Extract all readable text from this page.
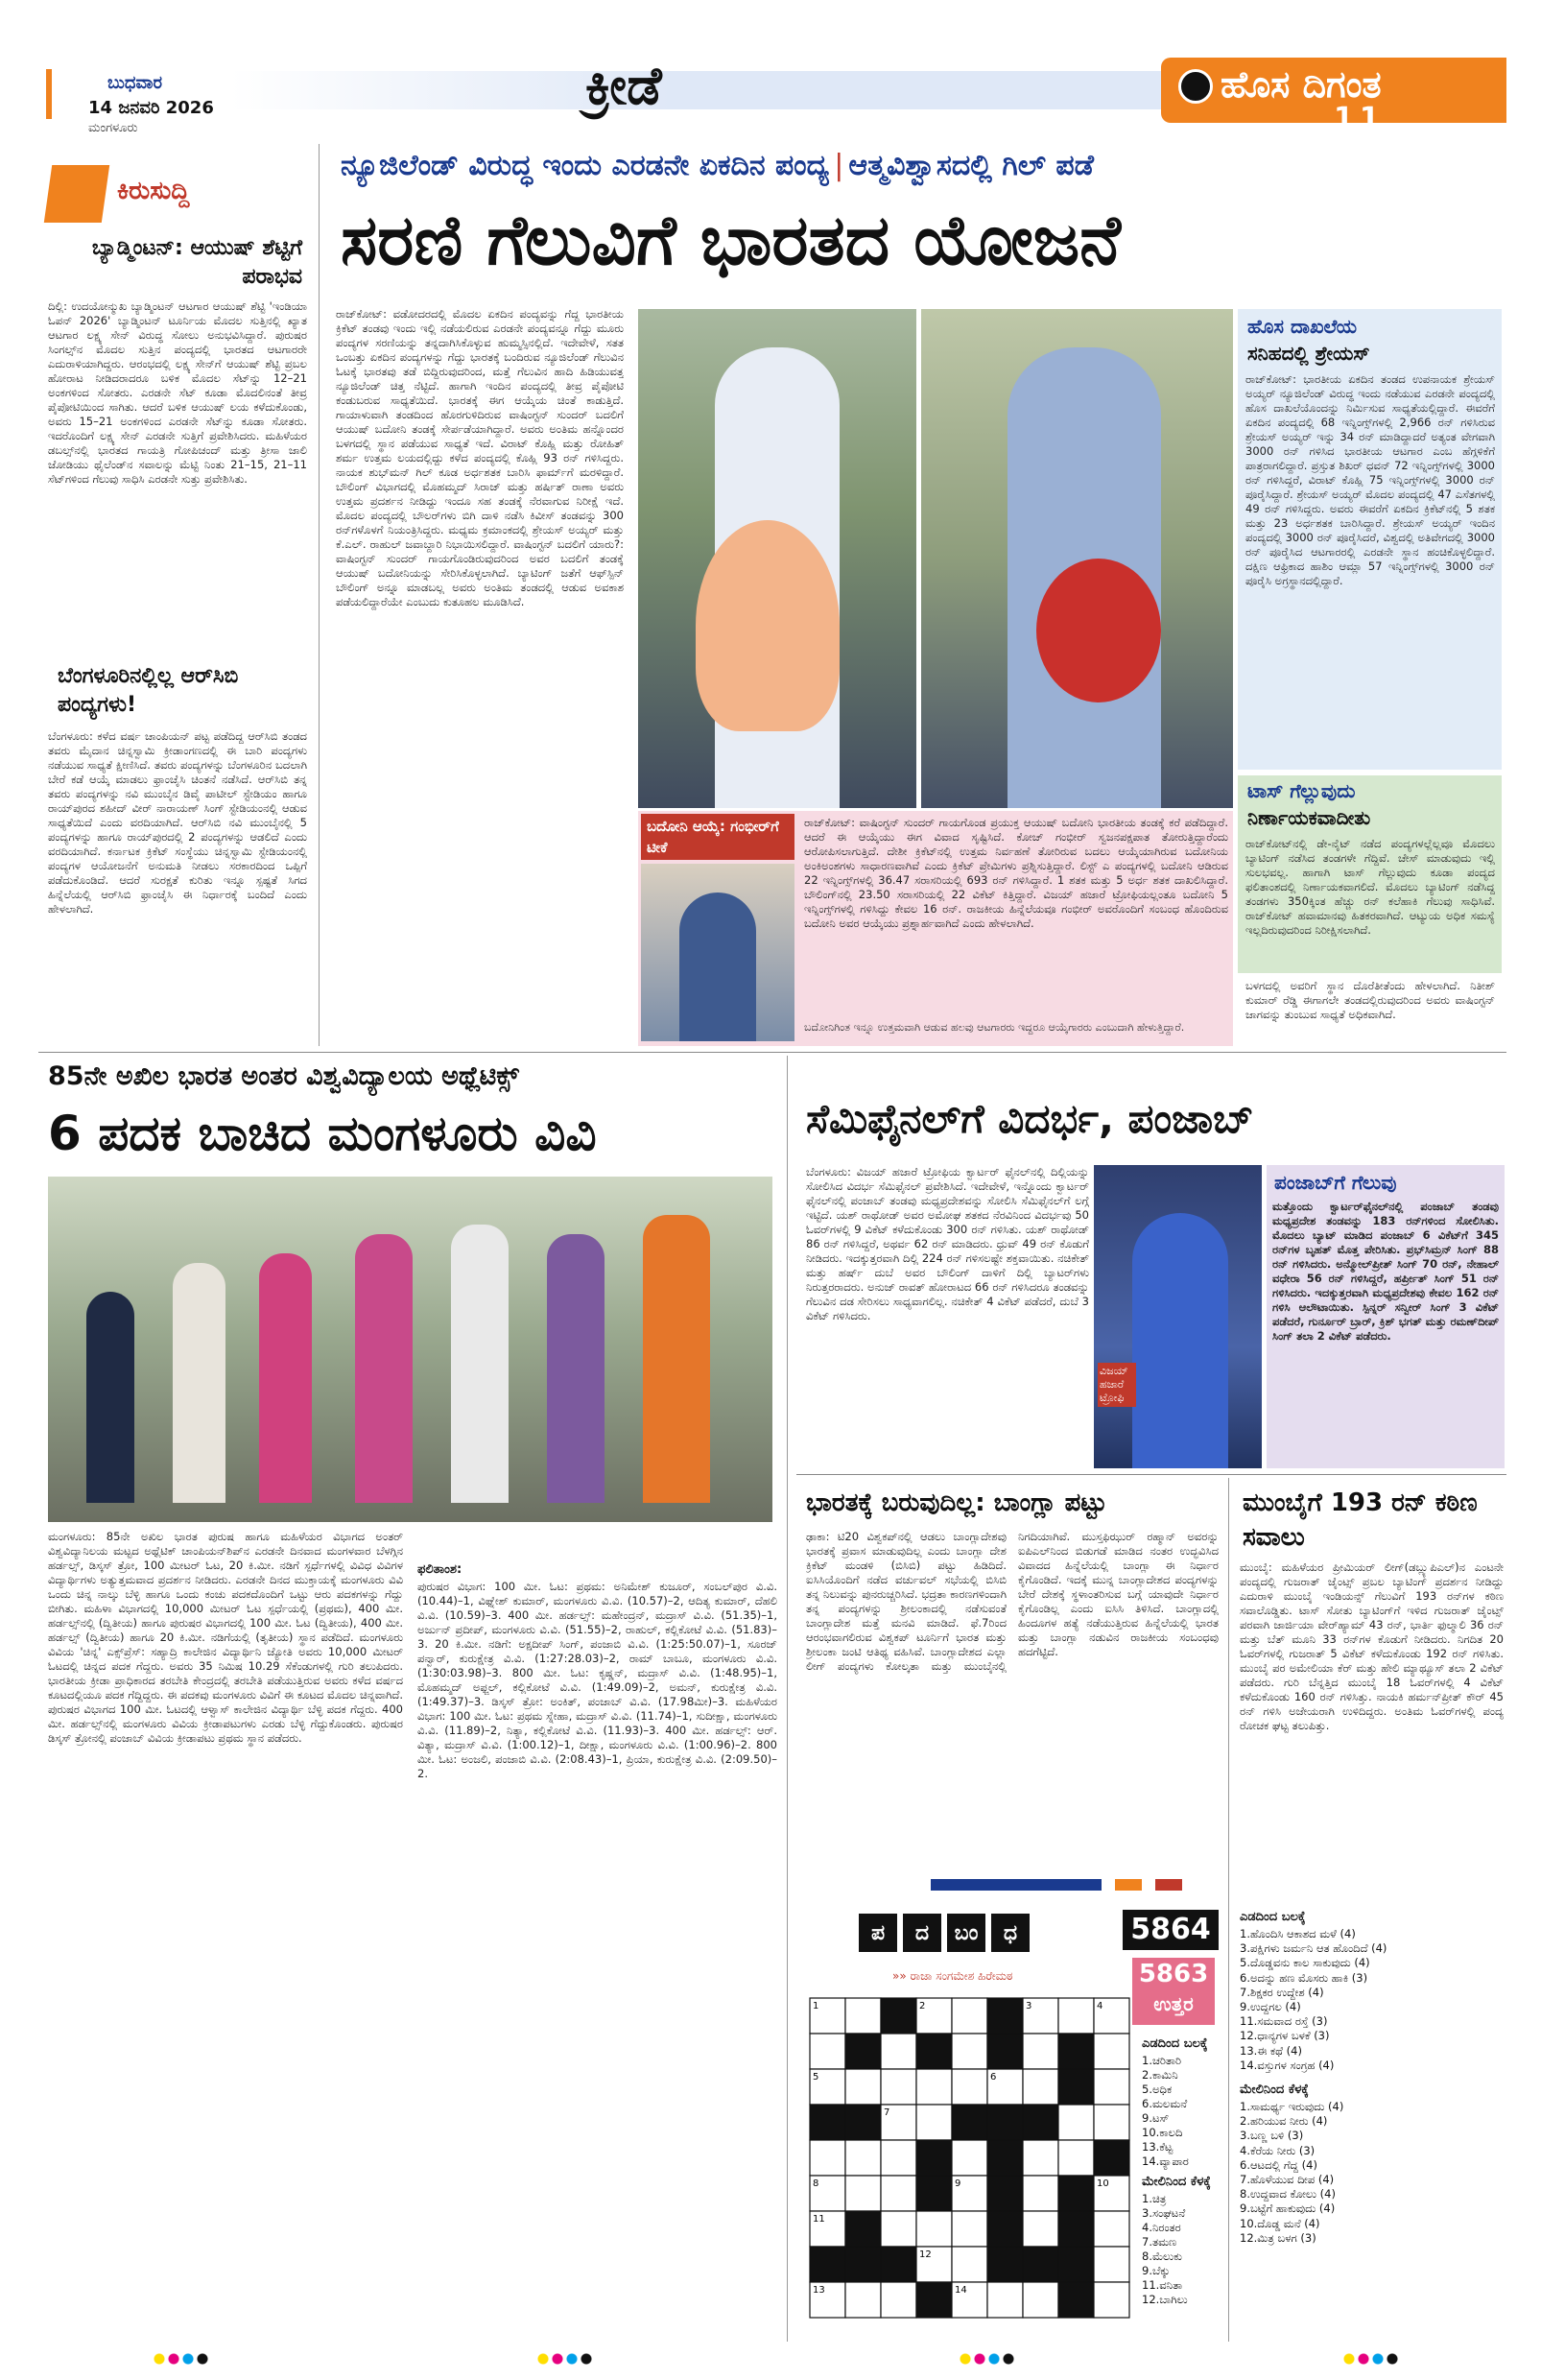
ಬುಧವಾರ
14 ಜನವರಿ 2026
ಮಂಗಳೂರು
ಕ್ರೀಡೆ	ಹೊಸ ದಿಗಂತ
11
ಕಿರುಸುದ್ದಿ
ಬ್ಯಾಡ್ಮಿಂಟನ್: ಆಯುಷ್ ಶೆಟ್ಟಿಗೆ ಪರಾಭವ
ದಿಲ್ಲಿ: ಉದಯೋನ್ಮುಖ ಬ್ಯಾಡ್ಮಿಂಟನ್ ಆಟಗಾರ ಆಯುಷ್ ಶೆಟ್ಟಿ 'ಇಂಡಿಯಾ ಓಪನ್ 2026' ಬ್ಯಾಡ್ಮಿಂಟನ್ ಟೂರ್ನಿಯ ಮೊದಲ ಸುತ್ತಿನಲ್ಲಿ ಖ್ಯಾತ ಆಟಗಾರ ಲಕ್ಷ್ಯ ಸೇನ್ ವಿರುದ್ಧ ಸೋಲು ಅನುಭವಿಸಿದ್ದಾರೆ. ಪುರುಷರ ಸಿಂಗಲ್ಸ್‌ನ ಮೊದಲ ಸುತ್ತಿನ ಪಂದ್ಯದಲ್ಲಿ ಭಾರತದ ಆಟಗಾರರೇ ಎದುರಾಳಿಯಾಗಿದ್ದರು. ಆರಂಭದಲ್ಲಿ ಲಕ್ಷ್ಯ ಸೇನ್‌ಗೆ ಆಯುಷ್ ಶೆಟ್ಟಿ ಪ್ರಬಲ ಹೋರಾಟ ನೀಡಿದರಾದರೂ ಬಳಿಕ ಮೊದಲ ಸೆಟ್‌ನ್ನು 12–21 ಅಂಕಗಳಿಂದ ಸೋತರು. ಎರಡನೇ ಸೆಟ್ ಕೂಡಾ ಮೊದಲಿನಂತೆ ತೀವ್ರ ಪೈಪೋಟಿಯಿಂದ ಸಾಗಿತು. ಆದರೆ ಬಳಿಕ ಆಯುಷ್ ಲಯ ಕಳೆದುಕೊಂಡು, ಅವರು 15–21 ಅಂಕಗಳಿಂದ ಎರಡನೇ ಸೆಟ್‌ನ್ನು ಕೂಡಾ ಸೋತರು. ಇದರೊಂದಿಗೆ ಲಕ್ಷ್ಯ ಸೇನ್ ಎರಡನೇ ಸುತ್ತಿಗೆ ಪ್ರವೇಶಿಸಿದರು. ಮಹಿಳೆಯರ ಡಬಲ್ಸ್‌ನಲ್ಲಿ ಭಾರತದ ಗಾಯತ್ರಿ ಗೋಪಿಚಂದ್ ಮತ್ತು ತ್ರೀಸಾ ಜಾಲಿ ಜೋಡಿಯು ಥೈಲೆಂಡ್‌ನ ಸವಾಲನ್ನು ಮೆಟ್ಟಿ ನಿಂತು 21–15, 21–11 ಸೆಟ್‌ಗಳಿಂದ ಗೆಲುವು ಸಾಧಿಸಿ ಎರಡನೇ ಸುತ್ತು ಪ್ರವೇಶಿಸಿತು.
ಬೆಂಗಳೂರಿನಲ್ಲಿಲ್ಲ ಆರ್‌ಸಿಬಿ ಪಂದ್ಯಗಳು!
ಬೆಂಗಳೂರು: ಕಳೆದ ವರ್ಷ ಚಾಂಪಿಯನ್ ಪಟ್ಟ ಪಡೆದಿದ್ದ ಆರ್‌ಸಿಬಿ ತಂಡದ ತವರು ಮೈದಾನ ಚಿನ್ನಸ್ವಾಮಿ ಕ್ರೀಡಾಂಗಣದಲ್ಲಿ ಈ ಬಾರಿ ಪಂದ್ಯಗಳು ನಡೆಯುವ ಸಾಧ್ಯತೆ ಕ್ಷೀಣಿಸಿದೆ. ತವರು ಪಂದ್ಯಗಳನ್ನು ಬೆಂಗಳೂರಿನ ಬದಲಾಗಿ ಬೇರೆ ಕಡೆ ಆಯ್ಕೆ ಮಾಡಲು ಫ್ರಾಂಚೈಸಿ ಚಿಂತನೆ ನಡೆಸಿದೆ. ಆರ್‌ಸಿಬಿ ತನ್ನ ತವರು ಪಂದ್ಯಗಳನ್ನು ನವಿ ಮುಂಬೈನ ಡಿವೈ ಪಾಟೀಲ್ ಸ್ಟೇಡಿಯಂ ಹಾಗೂ ರಾಯ್‌ಪುರದ ಶಹೀದ್ ವೀರ್ ನಾರಾಯಣ್ ಸಿಂಗ್ ಸ್ಟೇಡಿಯಂನಲ್ಲಿ ಆಡುವ ಸಾಧ್ಯತೆಯಿದೆ ಎಂದು ವರದಿಯಾಗಿದೆ. ಆರ್‌ಸಿಬಿ ನವಿ ಮುಂಬೈನಲ್ಲಿ 5 ಪಂದ್ಯಗಳನ್ನು ಹಾಗೂ ರಾಯ್‌ಪುರದಲ್ಲಿ 2 ಪಂದ್ಯಗಳನ್ನು ಆಡಲಿದೆ ಎಂದು ವರದಿಯಾಗಿದೆ. ಕರ್ನಾಟಕ ಕ್ರಿಕೆಟ್ ಸಂಸ್ಥೆಯು ಚಿನ್ನಸ್ವಾಮಿ ಸ್ಟೇಡಿಯಂನಲ್ಲಿ ಪಂದ್ಯಗಳ ಆಯೋಜನೆಗೆ ಅನುಮತಿ ನೀಡಲು ಸರಕಾರದಿಂದ ಒಪ್ಪಿಗೆ ಪಡೆದುಕೊಂಡಿದೆ. ಆದರೆ ಸುರಕ್ಷತೆ ಕುರಿತು ಇನ್ನೂ ಸ್ಪಷ್ಟತೆ ಸಿಗದ ಹಿನ್ನೆಲೆಯಲ್ಲಿ ಆರ್‌ಸಿಬಿ ಫ್ರಾಂಚೈಸಿ ಈ ನಿರ್ಧಾರಕ್ಕೆ ಬಂದಿದೆ ಎಂದು ಹೇಳಲಾಗಿದೆ.
ನ್ಯೂಜಿಲೆಂಡ್ ವಿರುದ್ಧ ಇಂದು ಎರಡನೇ ಏಕದಿನ ಪಂದ್ಯ | ಆತ್ಮವಿಶ್ವಾಸದಲ್ಲಿ ಗಿಲ್ ಪಡೆ
ಸರಣಿ ಗೆಲುವಿಗೆ ಭಾರತದ ಯೋಜನೆ
ರಾಜ್‌ಕೋಟ್: ವಡೋದರದಲ್ಲಿ ಮೊದಲ ಏಕದಿನ ಪಂದ್ಯವನ್ನು ಗೆದ್ದ ಭಾರತೀಯ ಕ್ರಿಕೆಟ್ ತಂಡವು ಇಂದು ಇಲ್ಲಿ ನಡೆಯಲಿರುವ ಎರಡನೇ ಪಂದ್ಯವನ್ನೂ ಗೆದ್ದು ಮೂರು ಪಂದ್ಯಗಳ ಸರಣಿಯನ್ನು ತನ್ನದಾಗಿಸಿಕೊಳ್ಳುವ ಹುಮ್ಮಸ್ಸಿನಲ್ಲಿದೆ. ಇದೇವೇಳೆ, ಸತತ ಒಂಬತ್ತು ಏಕದಿನ ಪಂದ್ಯಗಳನ್ನು ಗೆದ್ದು ಭಾರತಕ್ಕೆ ಬಂದಿರುವ ನ್ಯೂಜಿಲೆಂಡ್ ಗೆಲುವಿನ ಓಟಕ್ಕೆ ಭಾರತವು ತಡೆ ಬಿದ್ದಿರುವುದರಿಂದ, ಮತ್ತೆ ಗೆಲುವಿನ ಹಾದಿ ಹಿಡಿಯುವತ್ತ ನ್ಯೂಜಿಲೆಂಡ್ ಚಿತ್ತ ನೆಟ್ಟಿದೆ. ಹಾಗಾಗಿ ಇಂದಿನ ಪಂದ್ಯದಲ್ಲಿ ತೀವ್ರ ಪೈಪೋಟಿ ಕಂಡುಬರುವ ಸಾಧ್ಯತೆಯಿದೆ. ಭಾರತಕ್ಕೆ ಈಗ ಆಯ್ಕೆಯ ಚಿಂತೆ ಕಾಡುತ್ತಿದೆ. ಗಾಯಾಳುವಾಗಿ ತಂಡದಿಂದ ಹೊರಗುಳಿದಿರುವ ವಾಷಿಂಗ್ಟನ್ ಸುಂದರ್ ಬದಲಿಗೆ ಆಯುಷ್ ಬದೋನಿ ತಂಡಕ್ಕೆ ಸೇರ್ಪಡೆಯಾಗಿದ್ದಾರೆ. ಅವರು ಅಂತಿಮ ಹನ್ನೊಂದರ ಬಳಗದಲ್ಲಿ ಸ್ಥಾನ ಪಡೆಯುವ ಸಾಧ್ಯತೆ ಇದೆ. ವಿರಾಟ್ ಕೊಹ್ಲಿ ಮತ್ತು ರೋಹಿತ್ ಶರ್ಮ ಉತ್ತಮ ಲಯದಲ್ಲಿದ್ದು ಕಳೆದ ಪಂದ್ಯದಲ್ಲಿ ಕೊಹ್ಲಿ 93 ರನ್ ಗಳಿಸಿದ್ದರು. ನಾಯಕ ಶುಭ್‌ಮನ್ ಗಿಲ್ ಕೂಡ ಅರ್ಧಶತಕ ಬಾರಿಸಿ ಫಾರ್ಮ್‌ಗೆ ಮರಳಿದ್ದಾರೆ. ಬೌಲಿಂಗ್ ವಿಭಾಗದಲ್ಲಿ ಮೊಹಮ್ಮದ್ ಸಿರಾಜ್ ಮತ್ತು ಹರ್ಷಿತ್ ರಾಣಾ ಅವರು ಉತ್ತಮ ಪ್ರದರ್ಶನ ನೀಡಿದ್ದು ಇಂದೂ ಸಹ ತಂಡಕ್ಕೆ ನೆರವಾಗುವ ನಿರೀಕ್ಷೆ ಇದೆ. ಮೊದಲ ಪಂದ್ಯದಲ್ಲಿ ಬೌಲರ್‌ಗಳು ಬಿಗಿ ದಾಳಿ ನಡೆಸಿ ಕಿವೀಸ್ ತಂಡವನ್ನು 300 ರನ್‌ಗಳೊಳಗೆ ನಿಯಂತ್ರಿಸಿದ್ದರು. ಮಧ್ಯಮ ಕ್ರಮಾಂಕದಲ್ಲಿ ಶ್ರೇಯಸ್ ಅಯ್ಯರ್ ಮತ್ತು ಕೆ.ಎಲ್. ರಾಹುಲ್ ಜವಾಬ್ದಾರಿ ನಿಭಾಯಿಸಲಿದ್ದಾರೆ. ವಾಷಿಂಗ್ಟನ್ ಬದಲಿಗೆ ಯಾರು?: ವಾಷಿಂಗ್ಟನ್ ಸುಂದರ್ ಗಾಯಗೊಂಡಿರುವುದರಿಂದ ಅವರ ಬದಲಿಗೆ ತಂಡಕ್ಕೆ ಆಯುಷ್ ಬದೋನಿಯನ್ನು ಸೇರಿಸಿಕೊಳ್ಳಲಾಗಿದೆ. ಬ್ಯಾಟಿಂಗ್ ಜತೆಗೆ ಆಫ್‌ಸ್ಪಿನ್ ಬೌಲಿಂಗ್ ಅನ್ನೂ ಮಾಡಬಲ್ಲ ಅವರು ಅಂತಿಮ ತಂಡದಲ್ಲಿ ಆಡುವ ಅವಕಾಶ ಪಡೆಯಲಿದ್ದಾರೆಯೇ ಎಂಬುದು ಕುತೂಹಲ ಮೂಡಿಸಿದೆ.
ಬದೋನಿ ಆಯ್ಕೆ: ಗಂಭೀರ್‌ಗೆ ಟೀಕೆ
ರಾಜ್‌ಕೋಟ್: ವಾಷಿಂಗ್ಟನ್ ಸುಂದರ್ ಗಾಯಗೊಂಡ ಪ್ರಯುಕ್ತ ಆಯುಷ್ ಬದೋನಿ ಭಾರತೀಯ ತಂಡಕ್ಕೆ ಕರೆ ಪಡೆದಿದ್ದಾರೆ. ಆದರೆ ಈ ಆಯ್ಕೆಯು ಈಗ ವಿವಾದ ಸೃಷ್ಟಿಸಿದೆ. ಕೋಚ್ ಗಂಭೀರ್ ಸ್ವಜನಪಕ್ಷಪಾತ ತೋರುತ್ತಿದ್ದಾರೆಂದು ಆರೋಪಿಸಲಾಗುತ್ತಿದೆ. ದೇಶೀ ಕ್ರಿಕೆಟ್‌ನಲ್ಲಿ ಉತ್ತಮ ನಿರ್ವಹಣೆ ತೋರಿರುವ ಬದಲು ಆಯ್ಕೆಯಾಗಿರುವ ಬದೋನಿಯ ಅಂಕಿಅಂಶಗಳು ಸಾಧಾರಣವಾಗಿವೆ ಎಂದು ಕ್ರಿಕೆಟ್ ಪ್ರೇಮಿಗಳು ಪ್ರಶ್ನಿಸುತ್ತಿದ್ದಾರೆ. ಲಿಸ್ಟ್ ಎ ಪಂದ್ಯಗಳಲ್ಲಿ ಬದೋನಿ ಆಡಿರುವ 22 ಇನ್ನಿಂಗ್ಸ್‌ಗಳಲ್ಲಿ 36.47 ಸರಾಸರಿಯಲ್ಲಿ 693 ರನ್ ಗಳಿಸಿದ್ದಾರೆ. 1 ಶತಕ ಮತ್ತು 5 ಅರ್ಧ ಶತಕ ದಾಖಲಿಸಿದ್ದಾರೆ. ಬೌಲಿಂಗ್‌ನಲ್ಲಿ 23.50 ಸರಾಸರಿಯಲ್ಲಿ 22 ವಿಕೆಟ್ ಕಿತ್ತಿದ್ದಾರೆ. ವಿಜಯ್ ಹಜಾರೆ ಟ್ರೋಫಿಯಲ್ಲಂತೂ ಬದೋನಿ 5 ಇನ್ನಿಂಗ್ಸ್‌ಗಳಲ್ಲಿ ಗಳಿಸಿದ್ದು ಕೇವಲ 16 ರನ್. ರಾಜಕೀಯ ಹಿನ್ನೆಲೆಯವೂ ಗಂಭೀರ್ ಅವರೊಂದಿಗೆ ಸಂಬಂಧ ಹೊಂದಿರುವ ಬದೋನಿ ಅವರ ಆಯ್ಕೆಯು ಪ್ರಶ್ನಾರ್ಹವಾಗಿದೆ ಎಂದು ಹೇಳಲಾಗಿದೆ.
ಬದೋನಿಗಿಂತ ಇನ್ನೂ ಉತ್ತಮವಾಗಿ ಆಡುವ ಹಲವು ಆಟಗಾರರು ಇದ್ದರೂ ಆಯ್ಕೆಗಾರರು ಎಂಬುದಾಗಿ ಹೇಳುತ್ತಿದ್ದಾರೆ.
ಹೊಸ ದಾಖಲೆಯ
ಸನಿಹದಲ್ಲಿ ಶ್ರೇಯಸ್
ರಾಜ್‌ಕೋಟ್: ಭಾರತೀಯ ಏಕದಿನ ತಂಡದ ಉಪನಾಯಕ ಶ್ರೇಯಸ್ ಅಯ್ಯರ್ ನ್ಯೂಜಿಲೆಂಡ್ ವಿರುದ್ಧ ಇಂದು ನಡೆಯುವ ಎರಡನೇ ಪಂದ್ಯದಲ್ಲಿ ಹೊಸ ದಾಖಲೆಯೊಂದನ್ನು ನಿರ್ಮಿಸುವ ಸಾಧ್ಯತೆಯಲ್ಲಿದ್ದಾರೆ. ಈವರೆಗೆ ಏಕದಿನ ಪಂದ್ಯದಲ್ಲಿ 68 ಇನ್ನಿಂಗ್ಸ್‌ಗಳಲ್ಲಿ 2,966 ರನ್ ಗಳಿಸಿರುವ ಶ್ರೇಯಸ್ ಅಯ್ಯರ್ ಇನ್ನು 34 ರನ್ ಮಾಡಿದ್ದಾದರೆ ಅತ್ಯಂತ ವೇಗವಾಗಿ 3000 ರನ್ ಗಳಿಸಿದ ಭಾರತೀಯ ಆಟಗಾರ ಎಂಬ ಹೆಗ್ಗಳಿಕೆಗೆ ಪಾತ್ರರಾಗಲಿದ್ದಾರೆ. ಪ್ರಸ್ತುತ ಶಿಖರ್ ಧವನ್ 72 ಇನ್ನಿಂಗ್ಸ್‌ಗಳಲ್ಲಿ 3000 ರನ್ ಗಳಿಸಿದ್ದರೆ, ವಿರಾಟ್ ಕೊಹ್ಲಿ 75 ಇನ್ನಿಂಗ್ಸ್‌ಗಳಲ್ಲಿ 3000 ರನ್ ಪೂರೈಸಿದ್ದಾರೆ. ಶ್ರೇಯಸ್ ಅಯ್ಯರ್ ಮೊದಲ ಪಂದ್ಯದಲ್ಲಿ 47 ಎಸೆತಗಳಲ್ಲಿ 49 ರನ್ ಗಳಿಸಿದ್ದರು. ಅವರು ಈವರೆಗೆ ಏಕದಿನ ಕ್ರಿಕೆಟ್‌ನಲ್ಲಿ 5 ಶತಕ ಮತ್ತು 23 ಅರ್ಧಶತಕ ಬಾರಿಸಿದ್ದಾರೆ. ಶ್ರೇಯಸ್ ಅಯ್ಯರ್ ಇಂದಿನ ಪಂದ್ಯದಲ್ಲಿ 3000 ರನ್ ಪೂರೈಸಿದರೆ, ವಿಶ್ವದಲ್ಲಿ ಅತಿವೇಗದಲ್ಲಿ 3000 ರನ್ ಪೂರೈಸಿದ ಆಟಗಾರರಲ್ಲಿ ಎರಡನೇ ಸ್ಥಾನ ಹಂಚಿಕೊಳ್ಳಲಿದ್ದಾರೆ. ದಕ್ಷಿಣ ಆಫ್ರಿಕಾದ ಹಾಶಿಂ ಆಮ್ಲಾ 57 ಇನ್ನಿಂಗ್ಸ್‌ಗಳಲ್ಲಿ 3000 ರನ್ ಪೂರೈಸಿ ಅಗ್ರಸ್ಥಾನದಲ್ಲಿದ್ದಾರೆ.
ಟಾಸ್ ಗೆಲ್ಲುವುದು
ನಿರ್ಣಾಯಕವಾದೀತು
ರಾಜ್‌ಕೋಟ್‌ನಲ್ಲಿ ಡೇ-ನೈಟ್ ನಡೆದ ಪಂದ್ಯಗಳಲ್ಲೆಲ್ಲವೂ ಮೊದಲು ಬ್ಯಾಟಿಂಗ್ ನಡೆಸಿದ ತಂಡಗಳೇ ಗೆದ್ದಿವೆ. ಚೇಸ್ ಮಾಡುವುದು ಇಲ್ಲಿ ಸುಲಭವಲ್ಲ. ಹಾಗಾಗಿ ಟಾಸ್ ಗೆಲ್ಲುವುದು ಕೂಡಾ ಪಂದ್ಯದ ಫಲಿತಾಂಶದಲ್ಲಿ ನಿರ್ಣಾಯಕವಾಗಲಿದೆ. ಮೊದಲು ಬ್ಯಾಟಿಂಗ್ ನಡೆಸಿದ್ದ ತಂಡಗಳು 350ಕ್ಕಿಂತ ಹೆಚ್ಚು ರನ್ ಕಲೆಹಾಕಿ ಗೆಲುವು ಸಾಧಿಸಿವೆ. ರಾಜ್‌ಕೋಟ್ ಹವಾಮಾನವು ಹಿತಕರವಾಗಿದೆ. ಆಟ್ಯುಯ ಅಧಿಕ ಸಮಸ್ಯೆ ಇಲ್ಲದಿರುವುದರಿಂದ ನಿರೀಕ್ಷಿಸಲಾಗಿದೆ.
ಬಳಗದಲ್ಲಿ ಅವರಿಗೆ ಸ್ಥಾನ ದೊರೆತೀತೆಂದು ಹೇಳಲಾಗಿದೆ. ನಿತೀಶ್ ಕುಮಾರ್ ರೆಡ್ಡಿ ಈಗಾಗಲೇ ತಂಡದಲ್ಲಿರುವುದರಿಂದ ಅವರು ವಾಷಿಂಗ್ಟನ್ ಜಾಗವನ್ನು ತುಂಬುವ ಸಾಧ್ಯತೆ ಅಧಿಕವಾಗಿದೆ.
85ನೇ ಅಖಿಲ ಭಾರತ ಅಂತರ ವಿಶ್ವವಿದ್ಯಾಲಯ ಅಥ್ಲೆಟಿಕ್ಸ್
6 ಪದಕ ಬಾಚಿದ ಮಂಗಳೂರು ವಿವಿ
ಮಂಗಳೂರು: 85ನೇ ಅಖಿಲ ಭಾರತ ಪುರುಷ ಹಾಗೂ ಮಹಿಳೆಯರ ವಿಭಾಗದ ಅಂತರ್ ವಿಶ್ವವಿದ್ಯಾನಿಲಯ ಮಟ್ಟದ ಅಥ್ಲೆಟಿಕ್ ಚಾಂಪಿಯನ್‌ಶಿಪ್‌ನ ಎರಡನೇ ದಿನವಾದ ಮಂಗಳವಾರ ಬೆಳಗ್ಗಿನ ಹರ್ಡಲ್ಸ್, ಡಿಸ್ಕಸ್ ತ್ರೋ, 100 ಮೀಟರ್ ಓಟ, 20 ಕಿ.ಮೀ. ನಡಿಗೆ ಸ್ಪರ್ಧೆಗಳಲ್ಲಿ ವಿವಿಧ ವಿವಿಗಳ ವಿದ್ಯಾರ್ಥಿಗಳು ಅತ್ಯುತ್ತಮವಾದ ಪ್ರದರ್ಶನ ನೀಡಿದರು. ಎರಡನೇ ದಿನದ ಮುಕ್ತಾಯಕ್ಕೆ ಮಂಗಳೂರು ವಿವಿ ಒಂದು ಚಿನ್ನ ನಾಲ್ಕು ಬೆಳ್ಳಿ ಹಾಗೂ ಒಂದು ಕಂಚು ಪದಕದೊಂದಿಗೆ ಒಟ್ಟು ಆರು ಪದಕಗಳನ್ನು ಗೆದ್ದು ಬೀಗಿತು. ಮಹಿಳಾ ವಿಭಾಗದಲ್ಲಿ 10,000 ಮೀಟರ್ ಓಟ ಸ್ಪರ್ಧೆಯಲ್ಲಿ (ಪ್ರಥಮ), 400 ಮೀ. ಹರ್ಡಲ್ಸ್‌ನಲ್ಲಿ (ದ್ವಿತೀಯ) ಹಾಗೂ ಪುರುಷರ ವಿಭಾಗದಲ್ಲಿ 100 ಮೀ. ಓಟ (ದ್ವಿತೀಯ), 400 ಮೀ. ಹರ್ಡಲ್ಸ್ (ದ್ವಿತೀಯ) ಹಾಗೂ 20 ಕಿ.ಮೀ. ನಡಿಗೆಯಲ್ಲಿ (ತೃತೀಯ) ಸ್ಥಾನ ಪಡೆದಿದೆ. ಮಂಗಳೂರು ವಿವಿಯ 'ಚಿನ್ನ' ಎಕ್ಸ್‌ಪ್ರೆಸ್: ಸಹ್ಯಾದ್ರಿ ಕಾಲೇಜಿನ ವಿದ್ಯಾರ್ಥಿನಿ ಜ್ಯೋತಿ ಅವರು 10,000 ಮೀಟರ್ ಓಟದಲ್ಲಿ ಚಿನ್ನದ ಪದಕ ಗೆದ್ದರು. ಅವರು 35 ನಿಮಿಷ 10.29 ಸೆಕೆಂಡುಗಳಲ್ಲಿ ಗುರಿ ತಲುಪಿದರು. ಭಾರತೀಯ ಕ್ರೀಡಾ ಪ್ರಾಧಿಕಾರದ ತರಬೇತಿ ಕೇಂದ್ರದಲ್ಲಿ ತರಬೇತಿ ಪಡೆಯುತ್ತಿರುವ ಅವರು ಕಳೆದ ವರ್ಷದ ಕೂಟದಲ್ಲಿಯೂ ಪದಕ ಗೆದ್ದಿದ್ದರು. ಈ ಪದಕವು ಮಂಗಳೂರು ವಿವಿಗೆ ಈ ಕೂಟದ ಮೊದಲ ಚಿನ್ನವಾಗಿದೆ. ಪುರುಷರ ವಿಭಾಗದ 100 ಮೀ. ಓಟದಲ್ಲಿ ಆಳ್ವಾಸ್ ಕಾಲೇಜಿನ ವಿದ್ಯಾರ್ಥಿ ಬೆಳ್ಳಿ ಪದಕ ಗೆದ್ದರು. 400 ಮೀ. ಹರ್ಡಲ್ಸ್‌ನಲ್ಲಿ ಮಂಗಳೂರು ವಿವಿಯ ಕ್ರೀಡಾಪಟುಗಳು ಎರಡು ಬೆಳ್ಳಿ ಗೆದ್ದುಕೊಂಡರು. ಪುರುಷರ ಡಿಸ್ಕಸ್ ತ್ರೋನಲ್ಲಿ ಪಂಜಾಬ್ ವಿವಿಯ ಕ್ರೀಡಾಪಟು ಪ್ರಥಮ ಸ್ಥಾನ ಪಡೆದರು.
ಫಲಿತಾಂಶ:
ಪುರುಷರ ವಿಭಾಗ: 100 ಮೀ. ಓಟ: ಪ್ರಥಮ: ಅನಿಮೇಶ್ ಕುಜೂರ್, ಸಂಬಲ್‌ಪುರ ವಿ.ವಿ. (10.44)–1, ವಿಘ್ನೇಶ್ ಕುಮಾರ್, ಮಂಗಳೂರು ವಿ.ವಿ. (10.57)–2, ಆದಿತ್ಯ ಕುಮಾರ್, ದೆಹಲಿ ವಿ.ವಿ. (10.59)–3. 400 ಮೀ. ಹರ್ಡಲ್ಸ್: ಮಹೇಂದ್ರನ್, ಮದ್ರಾಸ್ ವಿ.ವಿ. (51.35)–1, ಅರ್ಜುನ್ ಪ್ರದೀಪ್, ಮಂಗಳೂರು ವಿ.ವಿ. (51.55)–2, ರಾಹುಲ್, ಕಲ್ಲಿಕೋಟೆ ವಿ.ವಿ. (51.83)–3. 20 ಕಿ.ಮೀ. ನಡಿಗೆ: ಅಕ್ಷದೀಪ್ ಸಿಂಗ್, ಪಂಜಾಬಿ ವಿ.ವಿ. (1:25:50.07)–1, ಸೂರಜ್ ಪನ್ವಾರ್, ಕುರುಕ್ಷೇತ್ರ ವಿ.ವಿ. (1:27:28.03)–2, ರಾಮ್ ಬಾಬೂ, ಮಂಗಳೂರು ವಿ.ವಿ. (1:30:03.98)–3. 800 ಮೀ. ಓಟ: ಕೃಷ್ಣನ್, ಮದ್ರಾಸ್ ವಿ.ವಿ. (1:48.95)–1, ಮೊಹಮ್ಮದ್ ಅಫ್ಜಲ್, ಕಲ್ಲಿಕೋಟೆ ವಿ.ವಿ. (1:49.09)–2, ಅಮನ್, ಕುರುಕ್ಷೇತ್ರ ವಿ.ವಿ. (1:49.37)–3. ಡಿಸ್ಕಸ್ ತ್ರೋ: ಅಂಕಿತ್, ಪಂಜಾಬ್ ವಿ.ವಿ. (17.98ಮೀ)–3. ಮಹಿಳೆಯರ ವಿಭಾಗ: 100 ಮೀ. ಓಟ: ಪ್ರಥಮ ಸ್ನೇಹಾ, ಮದ್ರಾಸ್ ವಿ.ವಿ. (11.74)–1, ಸುದೀಕ್ಷಾ, ಮಂಗಳೂರು ವಿ.ವಿ. (11.89)–2, ನಿತ್ಯಾ, ಕಲ್ಲಿಕೋಟೆ ವಿ.ವಿ. (11.93)–3. 400 ಮೀ. ಹರ್ಡಲ್ಸ್: ಆರ್. ವಿತ್ಯಾ, ಮದ್ರಾಸ್ ವಿ.ವಿ. (1:00.12)–1, ದೀಕ್ಷಾ, ಮಂಗಳೂರು ವಿ.ವಿ. (1:00.96)–2. 800 ಮೀ. ಓಟ: ಅಂಜಲಿ, ಪಂಜಾಬಿ ವಿ.ವಿ. (2:08.43)–1, ಪ್ರಿಯಾ, ಕುರುಕ್ಷೇತ್ರ ವಿ.ವಿ. (2:09.50)–2.
ಸೆಮಿಫೈನಲ್‌ಗೆ ವಿದರ್ಭ, ಪಂಜಾಬ್
ಬೆಂಗಳೂರು: ವಿಜಯ್ ಹಜಾರೆ ಟ್ರೋಫಿಯ ಕ್ವಾರ್ಟರ್ ಫೈನಲ್‌ನಲ್ಲಿ ದಿಲ್ಲಿಯನ್ನು ಸೋಲಿಸಿದ ವಿದರ್ಭ ಸೆಮಿಫೈನಲ್ ಪ್ರವೇಶಿಸಿದೆ. ಇದೇವೇಳೆ, ಇನ್ನೊಂದು ಕ್ವಾರ್ಟರ್ ಫೈನಲ್‌ನಲ್ಲಿ ಪಂಜಾಬ್ ತಂಡವು ಮಧ್ಯಪ್ರದೇಶವನ್ನು ಸೋಲಿಸಿ ಸೆಮಿಫೈನಲ್‌ಗೆ ಲಗ್ಗೆ ಇಟ್ಟಿದೆ. ಯಶ್ ರಾಥೋಡ್ ಅವರ ಅಮೋಘ ಶತಕದ ನೆರವಿನಿಂದ ವಿದರ್ಭವು 50 ಓವರ್‌ಗಳಲ್ಲಿ 9 ವಿಕೆಟ್ ಕಳೆದುಕೊಂಡು 300 ರನ್ ಗಳಿಸಿತು. ಯಶ್ ರಾಥೋಡ್ 86 ರನ್ ಗಳಿಸಿದ್ದರೆ, ಅಥರ್ವ 62 ರನ್ ಮಾಡಿದರು. ಧ್ರುವ್ 49 ರನ್ ಕೊಡುಗೆ ನೀಡಿದರು. ಇದಕ್ಕುತ್ತರವಾಗಿ ದಿಲ್ಲಿ 224 ರನ್ ಗಳಿಸಲಷ್ಟೇ ಶಕ್ತವಾಯಿತು. ನಚಿಕೇತ್ ಮತ್ತು ಹರ್ಷ್ ದುಬೆ ಅವರ ಬೌಲಿಂಗ್ ದಾಳಿಗೆ ದಿಲ್ಲಿ ಬ್ಯಾಟರ್‌ಗಳು ನಿರುತ್ತರರಾದರು. ಅನುಜ್ ರಾವತ್ ಹೋರಾಟದ 66 ರನ್ ಗಳಿಸಿದರೂ ತಂಡವನ್ನು ಗೆಲುವಿನ ದಡ ಸೇರಿಸಲು ಸಾಧ್ಯವಾಗಲಿಲ್ಲ. ನಚಿಕೇತ್ 4 ವಿಕೆಟ್ ಪಡೆದರೆ, ದುಬೆ 3 ವಿಕೆಟ್ ಗಳಿಸಿದರು.
ವಿಜಯ್ ಹಜಾರೆ ಟ್ರೋಫಿ
ಪಂಜಾಬ್‌ಗೆ ಗೆಲುವು
ಮತ್ತೊಂದು ಕ್ವಾರ್ಟರ್‌ಫೈನಲ್‌ನಲ್ಲಿ ಪಂಜಾಬ್ ತಂಡವು ಮಧ್ಯಪ್ರದೇಶ ತಂಡವನ್ನು 183 ರನ್‌ಗಳಿಂದ ಸೋಲಿಸಿತು. ಮೊದಲು ಬ್ಯಾಟ್ ಮಾಡಿದ ಪಂಜಾಬ್ 6 ವಿಕೆಟ್‌ಗೆ 345 ರನ್‌ಗಳ ಬೃಹತ್ ಮೊತ್ತ ಪೇರಿಸಿತು. ಪ್ರಭ್‌ಸಿಮ್ರನ್ ಸಿಂಗ್ 88 ರನ್ ಗಳಿಸಿದರು. ಅನ್ಮೋಲ್‌ಪ್ರೀತ್ ಸಿಂಗ್ 70 ರನ್, ನೇಹಾಲ್ ವಧೇರಾ 56 ರನ್ ಗಳಿಸಿದ್ದರೆ, ಹರ್ಪ್ರೀತ್ ಸಿಂಗ್ 51 ರನ್ ಗಳಿಸಿದರು. ಇದಕ್ಕುತ್ತರವಾಗಿ ಮಧ್ಯಪ್ರದೇಶವು ಕೇವಲ 162 ರನ್ ಗಳಿಸಿ ಆಲೌಟಾಯಿತು. ಸ್ಪಿನ್ನರ್ ಸನ್ವೀರ್ ಸಿಂಗ್ 3 ವಿಕೆಟ್ ಪಡೆದರೆ, ಗುರ್ನೂರ್ ಬ್ರಾರ್, ಕ್ರಿಶ್ ಭಗತ್ ಮತ್ತು ರಮಣ್‌ದೀಪ್ ಸಿಂಗ್ ತಲಾ 2 ವಿಕೆಟ್ ಪಡೆದರು.
ಭಾರತಕ್ಕೆ ಬರುವುದಿಲ್ಲ: ಬಾಂಗ್ಲಾ ಪಟ್ಟು
ಢಾಕಾ: ಟಿ20 ವಿಶ್ವಕಪ್‌ನಲ್ಲಿ ಆಡಲು ಬಾಂಗ್ಲಾದೇಶವು ಭಾರತಕ್ಕೆ ಪ್ರವಾಸ ಮಾಡುವುದಿಲ್ಲ ಎಂದು ಬಾಂಗ್ಲಾ ದೇಶ ಕ್ರಿಕೆಟ್ ಮಂಡಳಿ (ಬಿಸಿಬಿ) ಪಟ್ಟು ಹಿಡಿದಿದೆ. ಐಸಿಸಿಯೊಂದಿಗೆ ನಡೆದ ವರ್ಚುವಲ್ ಸಭೆಯಲ್ಲಿ ಬಿಸಿಬಿ ತನ್ನ ನಿಲುವನ್ನು ಪುನರುಚ್ಚರಿಸಿದೆ. ಭದ್ರತಾ ಕಾರಣಗಳಿಂದಾಗಿ ತನ್ನ ಪಂದ್ಯಗಳನ್ನು ಶ್ರೀಲಂಕಾದಲ್ಲಿ ನಡೆಸುವಂತೆ ಬಾಂಗ್ಲಾದೇಶ ಮತ್ತೆ ಮನವಿ ಮಾಡಿದೆ. ಫೆ.7ರಿಂದ ಆರಂಭವಾಗಲಿರುವ ವಿಶ್ವಕಪ್ ಟೂರ್ನಿಗೆ ಭಾರತ ಮತ್ತು ಶ್ರೀಲಂಕಾ ಜಂಟಿ ಆತಿಥ್ಯ ವಹಿಸಿವೆ. ಬಾಂಗ್ಲಾದೇಶದ ಎಲ್ಲಾ ಲೀಗ್ ಪಂದ್ಯಗಳು ಕೋಲ್ಕತಾ ಮತ್ತು ಮುಂಬೈನಲ್ಲಿ ನಿಗದಿಯಾಗಿವೆ. ಮುಸ್ತಫಿಝುರ್ ರಹ್ಮಾನ್ ಅವರನ್ನು ಐಪಿಎಲ್‌ನಿಂದ ಬಿಡುಗಡೆ ಮಾಡಿದ ನಂತರ ಉದ್ಭವಿಸಿದ ವಿವಾದದ ಹಿನ್ನೆಲೆಯಲ್ಲಿ ಬಾಂಗ್ಲಾ ಈ ನಿರ್ಧಾರ ಕೈಗೊಂಡಿದೆ. ಇದಕ್ಕೆ ಮುನ್ನ ಬಾಂಗ್ಲಾದೇಶದ ಪಂದ್ಯಗಳನ್ನು ಬೇರೆ ದೇಶಕ್ಕೆ ಸ್ಥಳಾಂತರಿಸುವ ಬಗ್ಗೆ ಯಾವುದೇ ನಿರ್ಧಾರ ಕೈಗೊಂಡಿಲ್ಲ ಎಂದು ಐಸಿಸಿ ತಿಳಿಸಿದೆ. ಬಾಂಗ್ಲಾದಲ್ಲಿ ಹಿಂದೂಗಳ ಹತ್ಯೆ ನಡೆಯುತ್ತಿರುವ ಹಿನ್ನೆಲೆಯಲ್ಲಿ ಭಾರತ ಮತ್ತು ಬಾಂಗ್ಲಾ ನಡುವಿನ ರಾಜಕೀಯ ಸಂಬಂಧವು ಹದಗೆಟ್ಟಿದೆ.
ಮುಂಬೈಗೆ 193 ರನ್ ಕಠಿಣ ಸವಾಲು
ಮುಂಬೈ: ಮಹಿಳೆಯರ ಪ್ರೀಮಿಯರ್ ಲೀಗ್(ಡಬ್ಲ್ಯುಪಿಎಲ್)ನ ಎಂಟನೇ ಪಂದ್ಯದಲ್ಲಿ ಗುಜರಾತ್ ಜೈಂಟ್ಸ್ ಪ್ರಬಲ ಬ್ಯಾಟಿಂಗ್ ಪ್ರದರ್ಶನ ನೀಡಿದ್ದು ಎದುರಾಳಿ ಮುಂಬೈ ಇಂಡಿಯನ್ಸ್ ಗೆಲುವಿಗೆ 193 ರನ್‌ಗಳ ಕಠಿಣ ಸವಾಲೊಡ್ಡಿತು. ಟಾಸ್ ಸೋತು ಬ್ಯಾಟಿಂಗ್‌ಗೆ ಇಳಿದ ಗುಜರಾತ್ ಜೈಂಟ್ಸ್ ಪರವಾಗಿ ಜಾರ್ಜಿಯಾ ವೇರ್‌ಹ್ಯಾಮ್ 43 ರನ್, ಭಾರ್ತಿ ಫುಲ್ಮಾಲಿ 36 ರನ್ ಮತ್ತು ಬೆತ್ ಮೂನಿ 33 ರನ್‌ಗಳ ಕೊಡುಗೆ ನೀಡಿದರು. ನಿಗದಿತ 20 ಓವರ್‌ಗಳಲ್ಲಿ ಗುಜರಾತ್ 5 ವಿಕೆಟ್ ಕಳೆದುಕೊಂಡು 192 ರನ್ ಗಳಿಸಿತು. ಮುಂಬೈ ಪರ ಅಮೇಲಿಯಾ ಕೆರ್ ಮತ್ತು ಹೇಲಿ ಮ್ಯಾಥ್ಯೂಸ್ ತಲಾ 2 ವಿಕೆಟ್ ಪಡೆದರು. ಗುರಿ ಬೆನ್ನತ್ತಿದ ಮುಂಬೈ 18 ಓವರ್‌ಗಳಲ್ಲಿ 4 ವಿಕೆಟ್ ಕಳೆದುಕೊಂಡು 160 ರನ್ ಗಳಿಸಿತ್ತು. ನಾಯಕಿ ಹರ್ಮನ್‌ಪ್ರೀತ್ ಕೌರ್ 45 ರನ್ ಗಳಿಸಿ ಅಜೇಯರಾಗಿ ಉಳಿದಿದ್ದರು. ಅಂತಿಮ ಓವರ್‌ಗಳಲ್ಲಿ ಪಂದ್ಯ ರೋಚಕ ಘಟ್ಟ ತಲುಪಿತ್ತು.
ಪ	ದ	ಬಂ	ಧ
»» ರಾಜಾ ಸಂಗಮೇಶ ಹಿರೇಮಠ
1	2	3	4
5	6
7
8	9	10
11
12
13	14
5864
5863
ಉತ್ತರ
ಎಡದಿಂದ ಬಲಕ್ಕೆ
1.ಚರಿತಾರಿ
2.ಕಾಮಿನಿ
5.ಅಧಿಕ
6.ಮಲಮನೆ
9.ಟಸ್
10.ಕಾಲದಿ
13.ಕೆಟ್ಟ
14.ವ್ಯಾಪಾರ
ಮೇಲಿನಿಂದ ಕೆಳಕ್ಕೆ
1.ಚಿತ್ರ
3.ಸಂಘಟನೆ
4.ನಿರಂತರ
7.ತಮಣ
8.ಮೆಲುಕು
9.ಬೆಕ್ಕು
11.ವನಿತಾ
12.ಬಾಗಿಲು
ಎಡದಿಂದ ಬಲಕ್ಕೆ
1.ಹೊಂದಿಸಿ ಆಕಾಶದ ಮಳೆ (4)
3.ಪಕ್ಷಿಗಳು ಜರ್ಮನಿ ಆತ ಹೊಂದಿದೆ (4)
5.ದೊಡ್ಡವನು ಕಾಲ ಸಾಕುವುದು (4)
6.ಅದನ್ನು ಹಣ ಮೊಸರು ಹಾಕಿ (3)
7.ಶಿಕ್ಷಕರ ಉದ್ದೇಶ (4)
9.ಉದ್ದಗಲ (4)
11.ಸಮವಾದ ರಸ್ತೆ (3)
12.ಧಾನ್ಯಗಳ ಬಳಕೆ (3)
13.ಈ ಕಥೆ (4)
14.ವಸ್ತುಗಳ ಸಂಗ್ರಹ (4)
ಮೇಲಿನಿಂದ ಕೆಳಕ್ಕೆ
1.ಸಾಮರ್ಥ್ಯ ಇರುವುದು (4)
2.ಹರಿಯುವ ನೀರು (4)
3.ಬಣ್ಣ ಬಳಿ (3)
4.ಕೆರೆಯ ನೀರು (3)
6.ಆಟದಲ್ಲಿ ಗೆದ್ದ (4)
7.ಹೊಳೆಯುವ ದೀಪ (4)
8.ಉದ್ದವಾದ ಕೋಲು (4)
9.ಬಟ್ಟೆಗೆ ಹಾಕುವುದು (4)
10.ದೊಡ್ಡ ಮನೆ (4)
12.ಮಿತ್ರ ಬಳಗ (3)
